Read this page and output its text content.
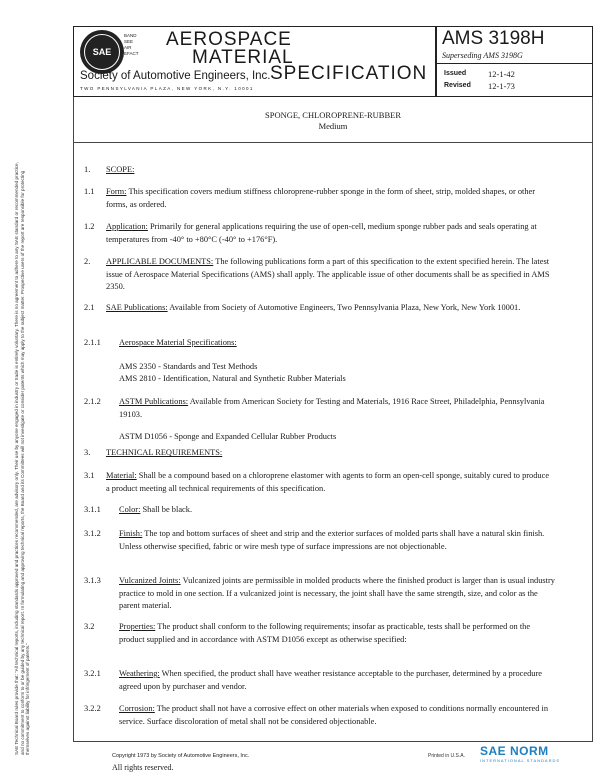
SAE
BAND
SEE
AIR
EFACT
AEROSPACE
MATERIAL
SPECIFICATION
Society of Automotive Engineers, Inc.
TWO PENNSYLVANIA PLAZA, NEW YORK, N.Y. 10001
AMS 3198H
Superseding AMS 3198G
Issued	12-1-42
Revised 12-1-73
SPONGE, CHLOROPRENE-RUBBER
Medium
SAE Technical Board rules provide that: "All technical reports, including standards approved and practices recommended, are advisory only. Their use by anyone engaged in industry or trade is entirely voluntary. There is no agreement to adhere to any SAE standard or recommended practice, and no commitment to conform to or be guided by any technical report. In formulating and approving technical reports, the Board and its Committees will not investigate or consider patents which may apply to the subject matter. Prospective users of the report are responsible for protecting themselves against liability for infringement of patents."
1. SCOPE:
1.1 Form: This specification covers medium stiffness chloroprene-rubber sponge in the form of sheet, strip, molded shapes, or other forms, as ordered.
1.2 Application: Primarily for general applications requiring the use of open-cell, medium sponge rubber pads and seals operating at temperatures from -40° to +80°C (-40° to +176°F).
2. APPLICABLE DOCUMENTS: The following publications form a part of this specification to the extent specified herein. The latest issue of Aerospace Material Specifications (AMS) shall apply. The applicable issue of other documents shall be as specified in AMS 2350.
2.1 SAE Publications: Available from Society of Automotive Engineers, Two Pennsylvania Plaza, New York, New York 10001.
2.1.1 Aerospace Material Specifications:
AMS 2350 - Standards and Test Methods
AMS 2810 - Identification, Natural and Synthetic Rubber Materials
2.1.2 ASTM Publications: Available from American Society for Testing and Materials, 1916 Race Street, Philadelphia, Pennsylvania 19103.
ASTM D1056 - Sponge and Expanded Cellular Rubber Products
3. TECHNICAL REQUIREMENTS:
3.1 Material: Shall be a compound based on a chloroprene elastomer with agents to form an open-cell sponge, suitably cured to produce a product meeting all technical requirements of this specification.
3.1.1 Color: Shall be black.
3.1.2 Finish: The top and bottom surfaces of sheet and strip and the exterior surfaces of molded parts shall have a natural skin finish. Unless otherwise specified, fabric or wire mesh type of surface impressions are not objectionable.
3.1.3 Vulcanized Joints: Vulcanized joints are permissible in molded products where the finished product is larger than is usual industry practice to mold in one section. If a vulcanized joint is necessary, the joint shall have the same strength, size, and color as the parent material.
3.2	Properties: The product shall conform to the following requirements; insofar as practicable, tests shall be performed on the product supplied and in accordance with ASTM D1056 except as otherwise specified:
3.2.1 Weathering: When specified, the product shall have weather resistance acceptable to the purchaser, determined by a procedure agreed upon by purchaser and vendor.
3.2.2 Corrosion: The product shall not have a corrosive effect on other materials when exposed to conditions normally encountered in service. Surface discoloration of metal shall not be considered objectionable.
Copyright 1973 by Society of Automotive Engineers, Inc.
All rights reserved.
Printed in U.S.A. SAE NORM
INTERNATIONAL STANDARDS
